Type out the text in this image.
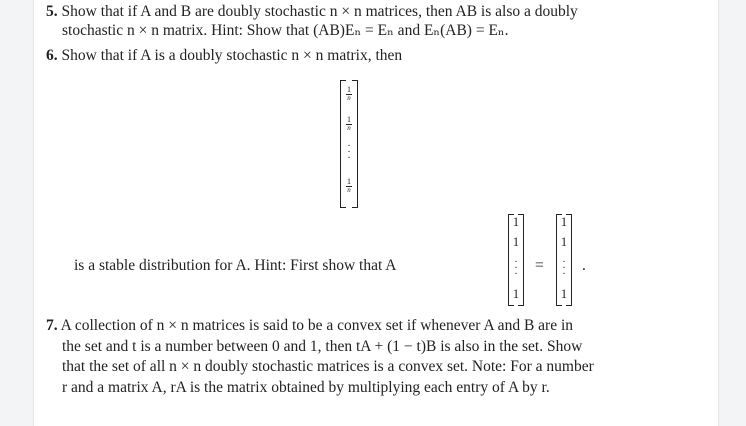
5. Show that if A and B are doubly stochastic n × n matrices, then AB is also a doubly
stochastic n × n matrix. Hint: Show that (AB)Eₙ = Eₙ and Eₙ(AB) = Eₙ.
6. Show that if A is a doubly stochastic n × n matrix, then
$\frac{1}{n}$
$\frac{1}{n}$
·
·
·
$\frac{1}{n}$
is a stable distribution for A. Hint: First show that A
1
1
·
·
·
1
=
1
1
·
·
·
1
.
7. A collection of n × n matrices is said to be a convex set if whenever A and B are in
the set and t is a number between 0 and 1, then tA + (1 − t)B is also in the set. Show
that the set of all n × n doubly stochastic matrices is a convex set. Note: For a number
r and a matrix A, rA is the matrix obtained by multiplying each entry of A by r.
